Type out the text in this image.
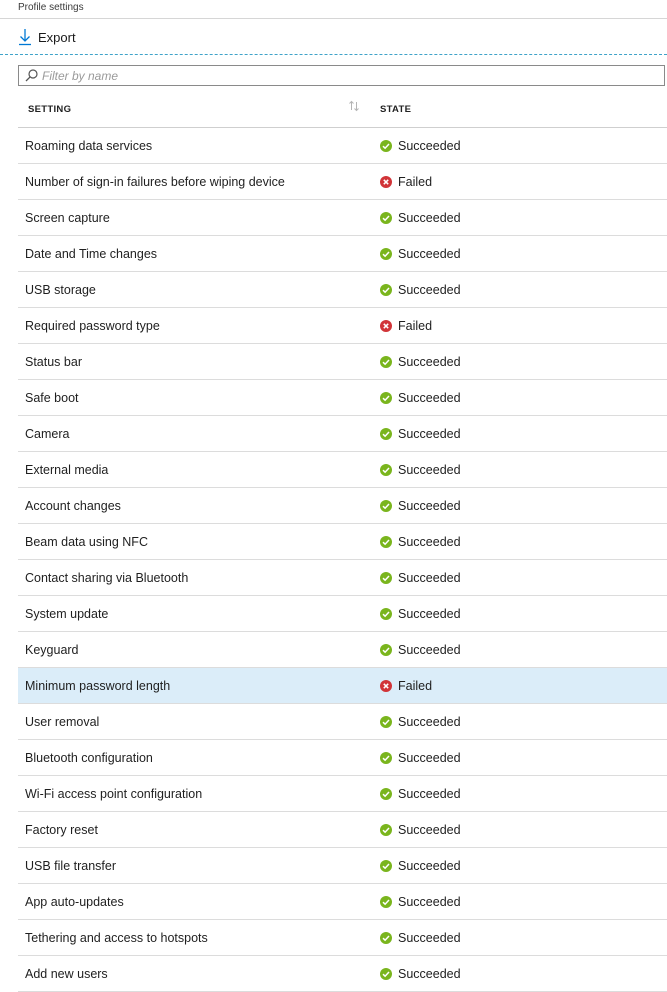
Profile settings
Export
Filter by name
SETTING	STATE
Roaming data services	Succeeded
Number of sign-in failures before wiping device	Failed
Screen capture	Succeeded
Date and Time changes	Succeeded
USB storage	Succeeded
Required password type	Failed
Status bar	Succeeded
Safe boot	Succeeded
Camera	Succeeded
External media	Succeeded
Account changes	Succeeded
Beam data using NFC	Succeeded
Contact sharing via Bluetooth	Succeeded
System update	Succeeded
Keyguard	Succeeded
Minimum password length	Failed
User removal	Succeeded
Bluetooth configuration	Succeeded
Wi-Fi access point configuration	Succeeded
Factory reset	Succeeded
USB file transfer	Succeeded
App auto-updates	Succeeded
Tethering and access to hotspots	Succeeded
Add new users	Succeeded
